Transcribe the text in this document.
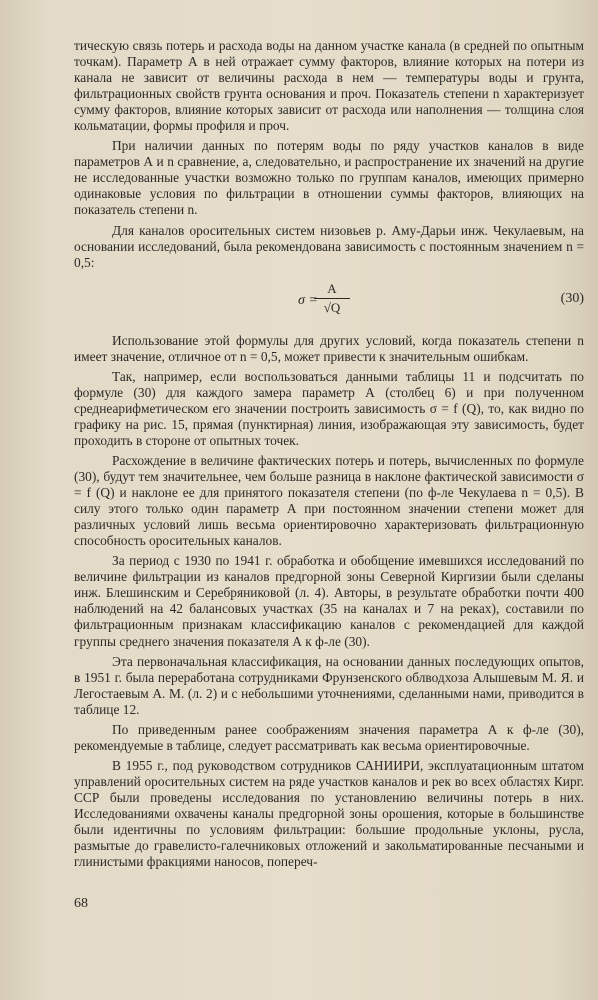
тическую связь потерь и расхода воды на данном участке канала (в средней по опытным точкам). Параметр А в ней отражает сумму факторов, влияние которых на потери из канала не зависит от величины расхода в нем — температуры воды и грунта, фильтрационных свойств грунта основания и проч. Показатель степени n характеризует сумму факторов, влияние которых зависит от расхода или наполнения — толщина слоя кольматации, формы профиля и проч.

При наличии данных по потерям воды по ряду участков каналов в виде параметров А и n сравнение, а, следовательно, и распространение их значений на другие не исследованные участки возможно только по группам каналов, имеющих примерно одинаковые условия по фильтрации в отношении суммы факторов, влияющих на показатель степени n.

Для каналов оросительных систем низовьев р. Аму-Дарьи инж. Чекулаевым, на основании исследований, была рекомендована зависимость с постоянным значением n = 0,5:

σ =
$\frac{A}{√Q}$	(30)

Использование этой формулы для других условий, когда показатель степени n имеет значение, отличное от n = 0,5, может привести к значительным ошибкам.

Так, например, если воспользоваться данными таблицы 11 и подсчитать по формуле (30) для каждого замера параметр А (столбец 6) и при полученном среднеарифметическом его значении построить зависимость σ = f (Q), то, как видно по графику на рис. 15, прямая (пунктирная) линия, изображающая эту зависимость, будет проходить в стороне от опытных точек.

Расхождение в величине фактических потерь и потерь, вычисленных по формуле (30), будут тем значительнее, чем больше разница в наклоне фактической зависимости σ = f (Q) и наклоне ее для принятого показателя степени (по ф-ле Чекулаева n = 0,5). В силу этого только один параметр А при постоянном значении степени может для различных условий лишь весьма ориентировочно характеризовать фильтрационную способность оросительных каналов.

За период с 1930 по 1941 г. обработка и обобщение имевшихся исследований по величине фильтрации из каналов предгорной зоны Северной Киргизии были сделаны инж. Блешинским и Серебряниковой (л. 4). Авторы, в результате обработки почти 400 наблюдений на 42 балансовых участках (35 на каналах и 7 на реках), составили по фильтрационным признакам классификацию каналов с рекомендацией для каждой группы среднего значения показателя А к ф-ле (30).

Эта первоначальная классификация, на основании данных последующих опытов, в 1951 г. была переработана сотрудниками Фрунзенского облводхоза Алышевым М. Я. и Легостаевым А. М. (л. 2) и с небольшими уточнениями, сделанными нами, приводится в таблице 12.

По приведенным ранее соображениям значения параметра А к ф-ле (30), рекомендуемые в таблице, следует рассматривать как весьма ориентировочные.

В 1955 г., под руководством сотрудников САНИИРИ, эксплуатационным штатом управлений оросительных систем на ряде участков каналов и рек во всех областях Кирг. ССР были проведены исследования по установлению величины потерь в них. Исследованиями охвачены каналы предгорной зоны орошения, которые в большинстве были идентичны по условиям фильтрации: большие продольные уклоны, русла, размытые до гравелисто-галечниковых отложений и закольматированные песчаными и глинистыми фракциями наносов, попереч-

68
